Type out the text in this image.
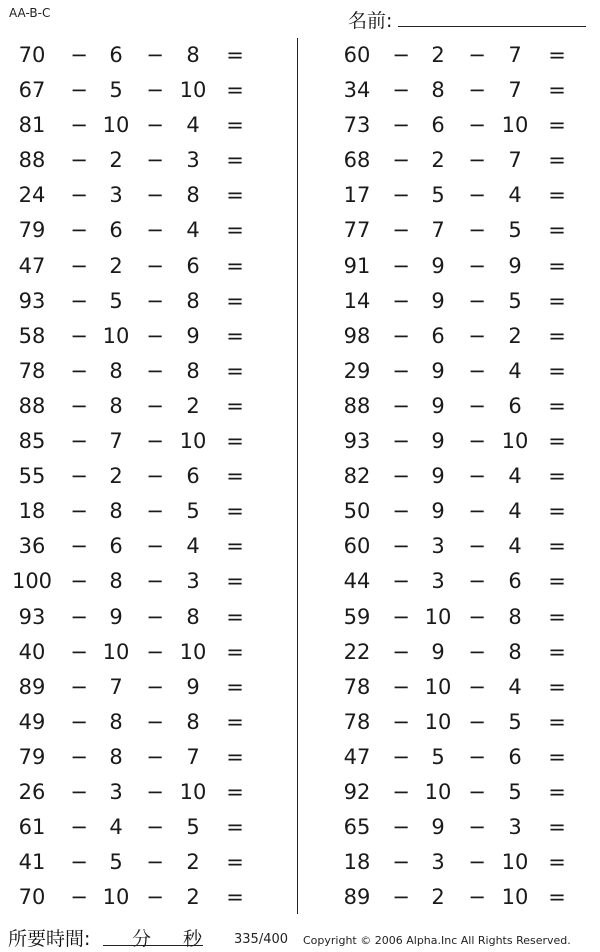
AA-B-C	名前:
70	−	6	−	8	=
67	−	5	− 10 =
81	− 10 −	4	=
88	−	2	−	3	=
24	−	3	−	8	=
79	−	6	−	4	=
47	−	2	−	6	=
93	−	5	−	8	=
58	− 10 −	9	=
78	−	8	−	8	=
88	−	8	−	2	=
85	−	7	− 10 =
55	−	2	−	6	=
18	−	8	−	5	=
36	−	6	−	4	=
100 −	8	−	3	=
93	−	9	−	8	=
40	− 10 − 10 =
89	−	7	−	9	=
49	−	8	−	8	=
79	−	8	−	7	=
26	−	3	− 10 =
61	−	4	−	5	=
41	−	5	−	2	=
70	− 10 −	2	=
60	−	2	−	7	=
34	−	8	−	7	=
73	−	6	− 10 =
68	−	2	−	7	=
17	−	5	−	4	=
77	−	7	−	5	=
91	−	9	−	9	=
14	−	9	−	5	=
98	−	6	−	2	=
29	−	9	−	4	=
88	−	9	−	6	=
93	−	9	− 10 =
82	−	9	−	4	=
50	−	9	−	4	=
60	−	3	−	4	=
44	−	3	−	6	=
59	− 10 −	8	=
22	−	9	−	8	=
78	− 10 −	4	=
78	− 10 −	5	=
47	−	5	−	6	=
92	− 10 −	5	=
65	−	9	−	3	=
18	−	3	− 10 =
89	−	2	− 10 =
所要時間: 分 秒 335/400 Copyright © 2006 Alpha.Inc All Rights Reserved.
